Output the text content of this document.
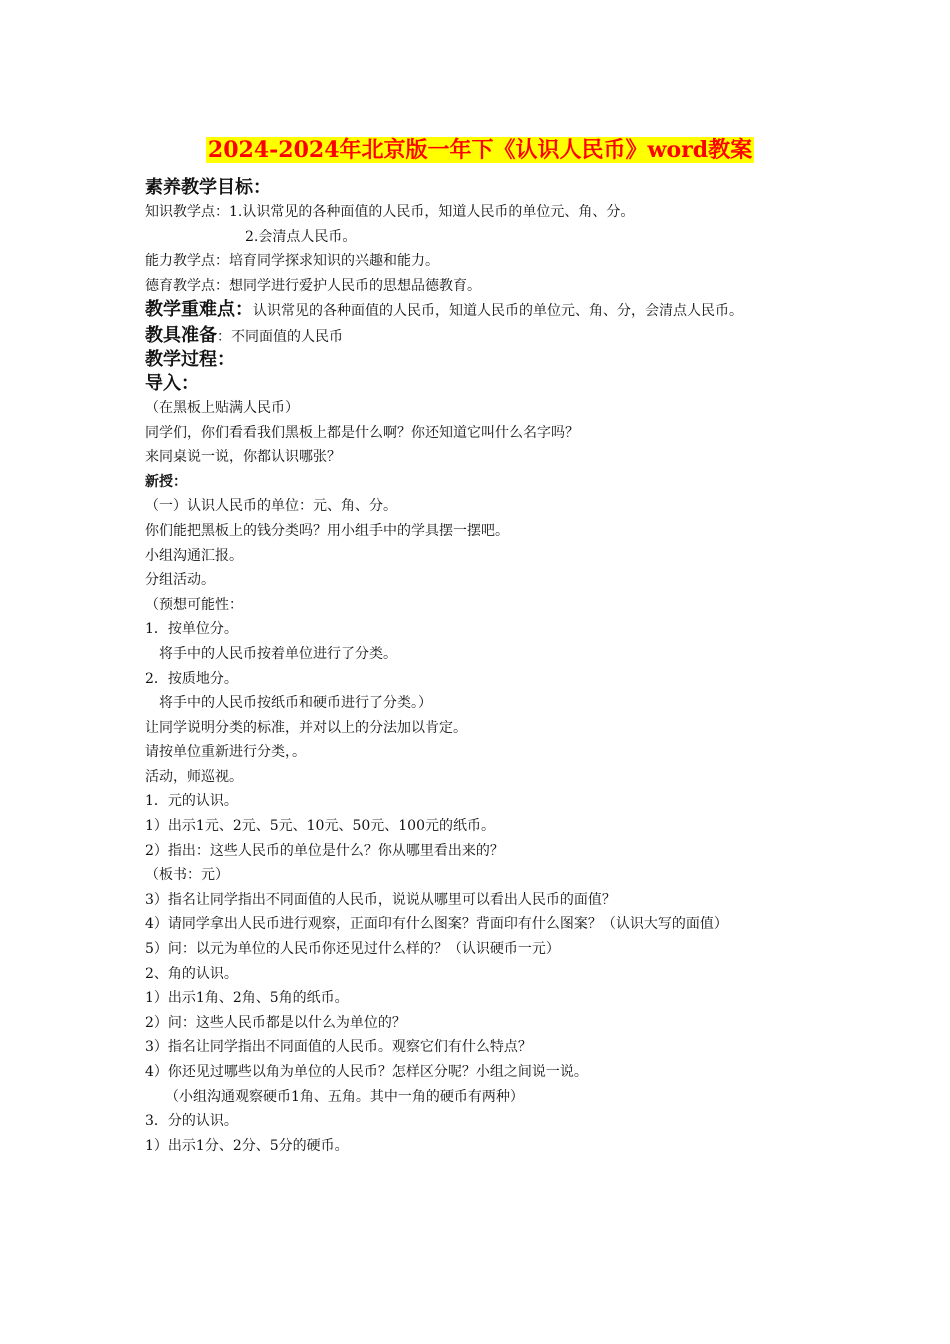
2024-2024年北京版一年下《认识人民币》word教案
素养教学目标：
知识教学点：1.认识常见的各种面值的人民币，知道人民币的单位元、角、分。
2.会清点人民币。
能力教学点：培育同学探求知识的兴趣和能力。
德育教学点：想同学进行爱护人民币的思想品德教育。
教学重难点：认识常见的各种面值的人民币，知道人民币的单位元、角、分，会清点人民币。
教具准备：不同面值的人民币
教学过程：
导入：
（在黑板上贴满人民币）
同学们，你们看看我们黑板上都是什么啊？你还知道它叫什么名字吗？
来同桌说一说，你都认识哪张？
新授：
（一）认识人民币的单位：元、角、分。
你们能把黑板上的钱分类吗？用小组手中的学具摆一摆吧。
小组沟通汇报。
分组活动。
（预想可能性：
1．按单位分。
将手中的人民币按着单位进行了分类。
2．按质地分。
将手中的人民币按纸币和硬币进行了分类。）
让同学说明分类的标准，并对以上的分法加以肯定。
请按单位重新进行分类，。
活动，师巡视。
1．元的认识。
1）出示1元、2元、5元、10元、50元、100元的纸币。
2）指出：这些人民币的单位是什么？你从哪里看出来的？
（板书：元）
3）指名让同学指出不同面值的人民币，说说从哪里可以看出人民币的面值？
4）请同学拿出人民币进行观察，正面印有什么图案？背面印有什么图案？（认识大写的面值）
5）问：以元为单位的人民币你还见过什么样的？（认识硬币一元）
2、角的认识。
1）出示1角、2角、5角的纸币。
2）问：这些人民币都是以什么为单位的？
3）指名让同学指出不同面值的人民币。观察它们有什么特点？
4）你还见过哪些以角为单位的人民币？怎样区分呢？小组之间说一说。
（小组沟通观察硬币1角、五角。其中一角的硬币有两种）
3．分的认识。
1）出示1分、2分、5分的硬币。
